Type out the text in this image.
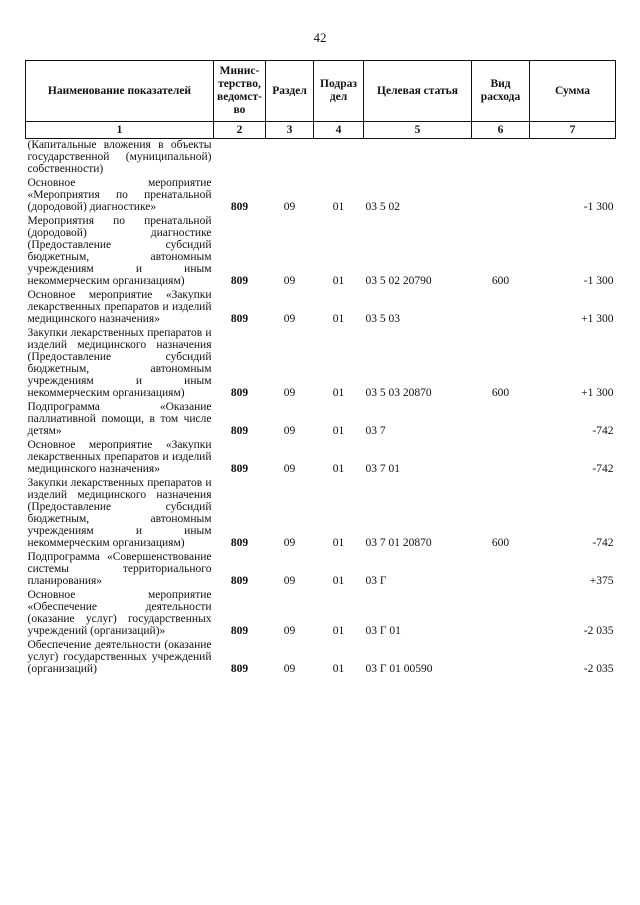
42
Наименование показателей	Минис-терство, ведомст-во	Раздел	Подраз дел	Целевая статья	Вид расхода	Сумма
1	2	3	4	5	6	7
(Капитальные вложения в объекты государственной (муниципальной) собственности)						
Основное мероприятие «Мероприятия по пренатальной (дородовой) диагностике»	809	09	01	03 5 02		-1 300
Мероприятия по пренатальной (дородовой) диагностике (Предоставление субсидий бюджетным, автономным учреждениям и иным некоммерческим организациям)	809	09	01	03 5 02 20790	600	-1 300
Основное мероприятие «Закупки лекарственных препаратов и изделий медицинского назначения»	809	09	01	03 5 03		+1 300
Закупки лекарственных препаратов и изделий медицинского назначения (Предоставление субсидий бюджетным, автономным учреждениям и иным некоммерческим организациям)	809	09	01	03 5 03 20870	600	+1 300
Подпрограмма «Оказание паллиативной помощи, в том числе детям»	809	09	01	03 7		-742
Основное мероприятие «Закупки лекарственных препаратов и изделий медицинского назначения»	809	09	01	03 7 01		-742
Закупки лекарственных препаратов и изделий медицинского назначения (Предоставление субсидий бюджетным, автономным учреждениям и иным некоммерческим организациям)	809	09	01	03 7 01 20870	600	-742
Подпрограмма «Совершенствование системы территориального планирования»	809	09	01	03 Г		+375
Основное мероприятие «Обеспечение деятельности (оказание услуг) государственных учреждений (организаций)»	809	09	01	03 Г 01		-2 035
Обеспечение деятельности (оказание услуг) государственных учреждений (организаций)	809	09	01	03 Г 01 00590		-2 035
